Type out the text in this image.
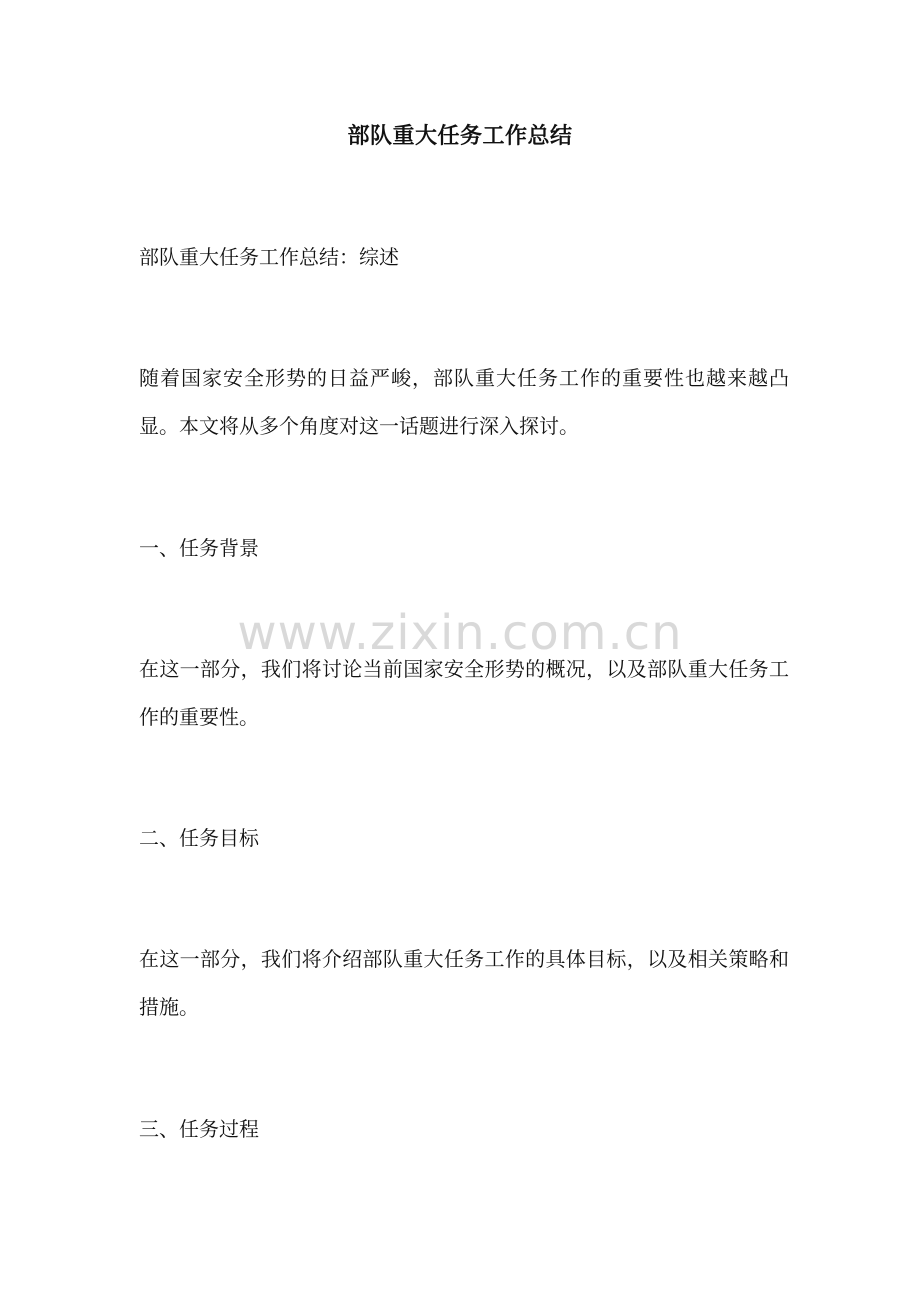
部队重大任务工作总结

部队重大任务工作总结：综述

随着国家安全形势的日益严峻，部队重大任务工作的重要性也越来越凸显。本文将从多个角度对这一话题进行深入探讨。

一、任务背景

在这一部分，我们将讨论当前国家安全形势的概况，以及部队重大任务工作的重要性。

二、任务目标

在这一部分，我们将介绍部队重大任务工作的具体目标，以及相关策略和措施。

三、任务过程

www.zixin.com.cn
